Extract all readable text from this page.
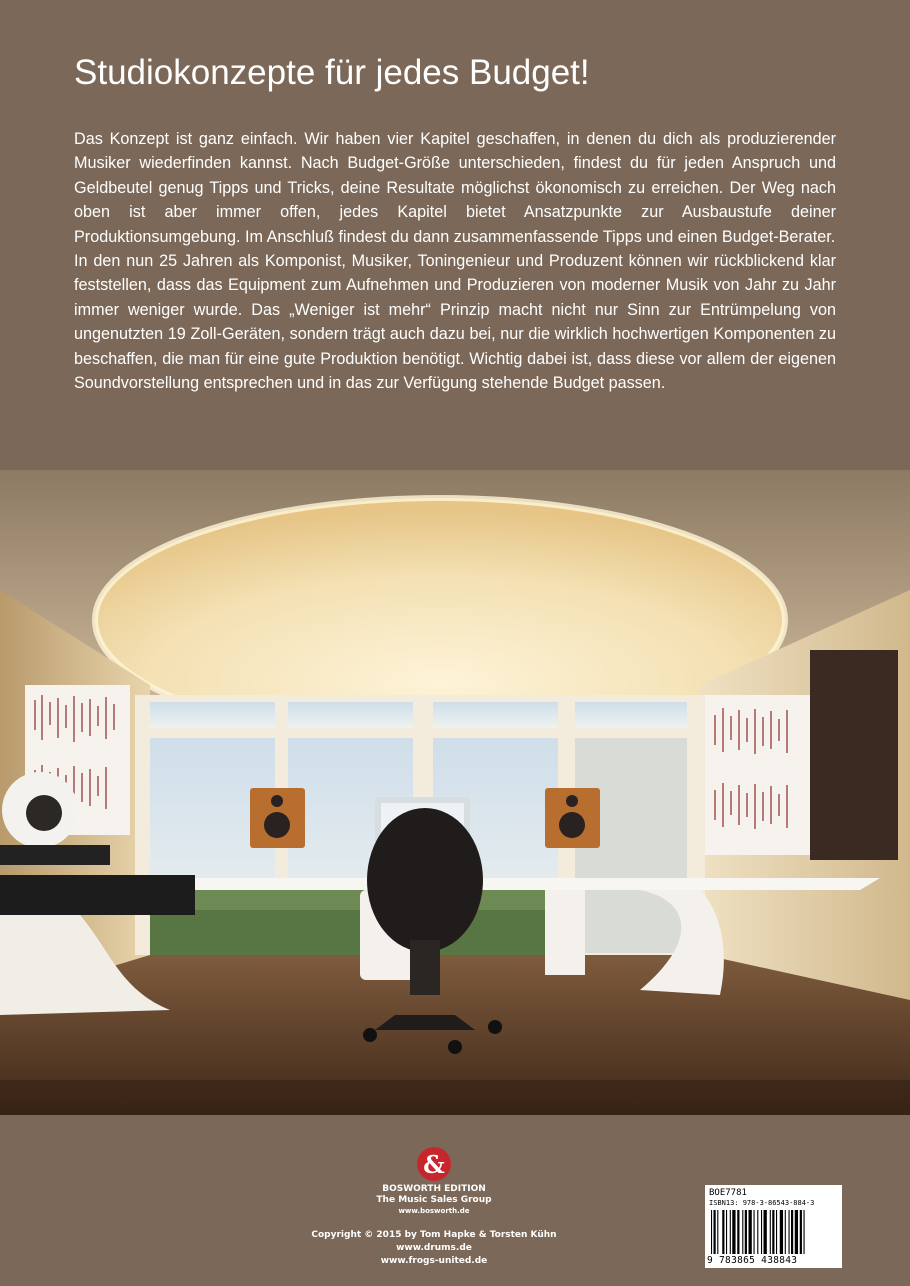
Studiokonzepte für jedes Budget!

Das Konzept ist ganz einfach. Wir haben vier Kapitel geschaffen, in denen du dich als produzierender Musiker wiederfinden kannst. Nach Budget-Größe unterschieden, findest du für jeden Anspruch und Geldbeutel genug Tipps und Tricks, deine Resultate möglichst ökonomisch zu erreichen. Der Weg nach oben ist aber immer offen, jedes Kapitel bietet Ansatzpunkte zur Ausbaustufe deiner Produktionsumgebung. Im Anschluß findest du dann zusammenfassende Tipps und einen Budget-Berater.

In den nun 25 Jahren als Komponist, Musiker, Toningenieur und Produzent können wir rückblickend klar feststellen, dass das Equipment zum Aufnehmen und Produzieren von moderner Musik von Jahr zu Jahr immer weniger wurde. Das „Weniger ist mehr“ Prinzip macht nicht nur Sinn zur Entrümpelung von ungenutzten 19 Zoll-Geräten, sondern trägt auch dazu bei, nur die wirklich hochwertigen Komponenten zu beschaffen, die man für eine gute Produktion benötigt. Wichtig dabei ist, dass diese vor allem der eigenen Soundvorstellung entsprechen und in das zur Verfügung stehende Budget passen.

&
BOSWORTH EDITION
The Music Sales Group
www.bosworth.de
Copyright © 2015 by Tom Hapke & Torsten Kühn
www.drums.de
www.frogs-united.de
BOE7781
ISBN13: 978-3-86543-884-3
9 783865 438843
